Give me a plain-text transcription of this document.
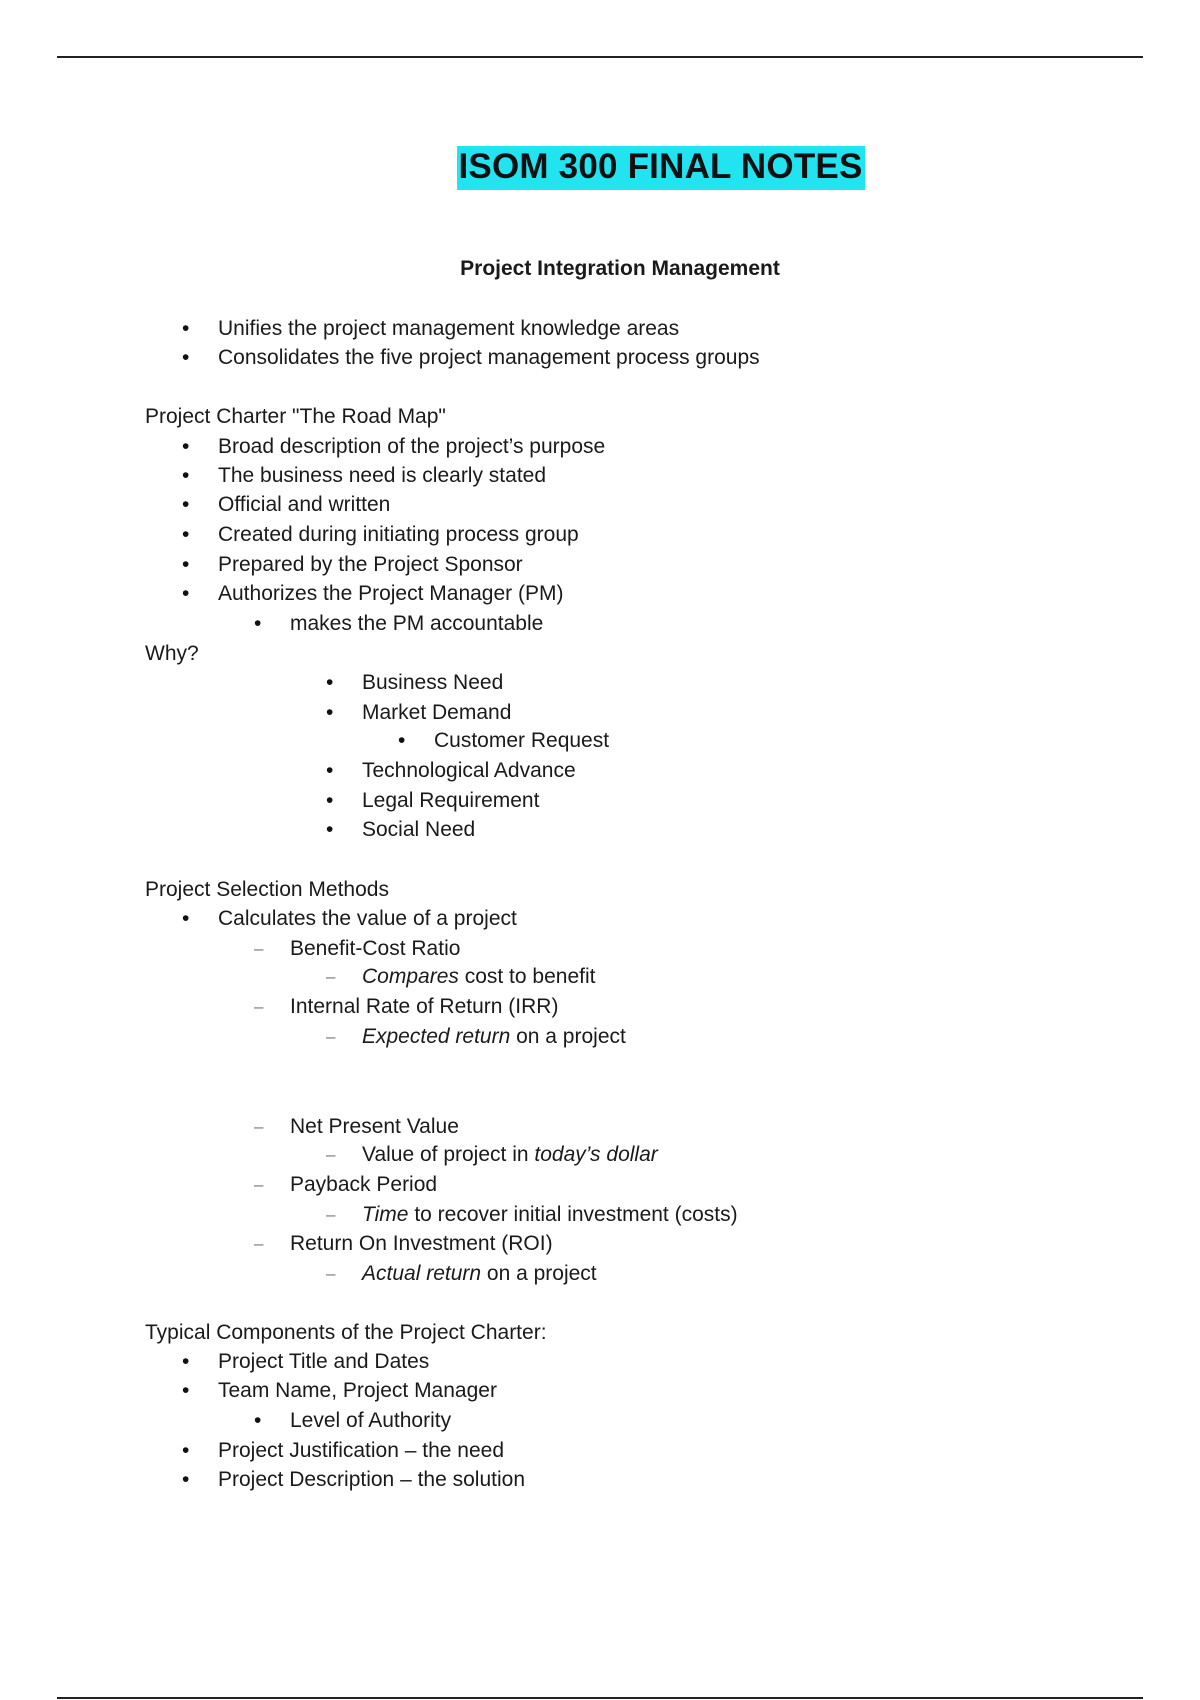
ISOM 300 FINAL NOTES
Project Integration Management
• Unifies the project management knowledge areas
• Consolidates the five project management process groups
Project Charter "The Road Map"
• Broad description of the project’s purpose
• The business need is clearly stated
• Official and written
• Created during initiating process group
• Prepared by the Project Sponsor
• Authorizes the Project Manager (PM)
• makes the PM accountable
Why?
• Business Need
• Market Demand
• Customer Request
• Technological Advance
• Legal Requirement
• Social Need
Project Selection Methods
• Calculates the value of a project
– Benefit-Cost Ratio
– Compares cost to benefit
– Internal Rate of Return (IRR)
– Expected return on a project
– Net Present Value
– Value of project in today’s dollar
– Payback Period
– Time to recover initial investment (costs)
– Return On Investment (ROI)
– Actual return on a project
Typical Components of the Project Charter:
• Project Title and Dates
• Team Name, Project Manager
• Level of Authority
• Project Justification – the need
• Project Description – the solution
